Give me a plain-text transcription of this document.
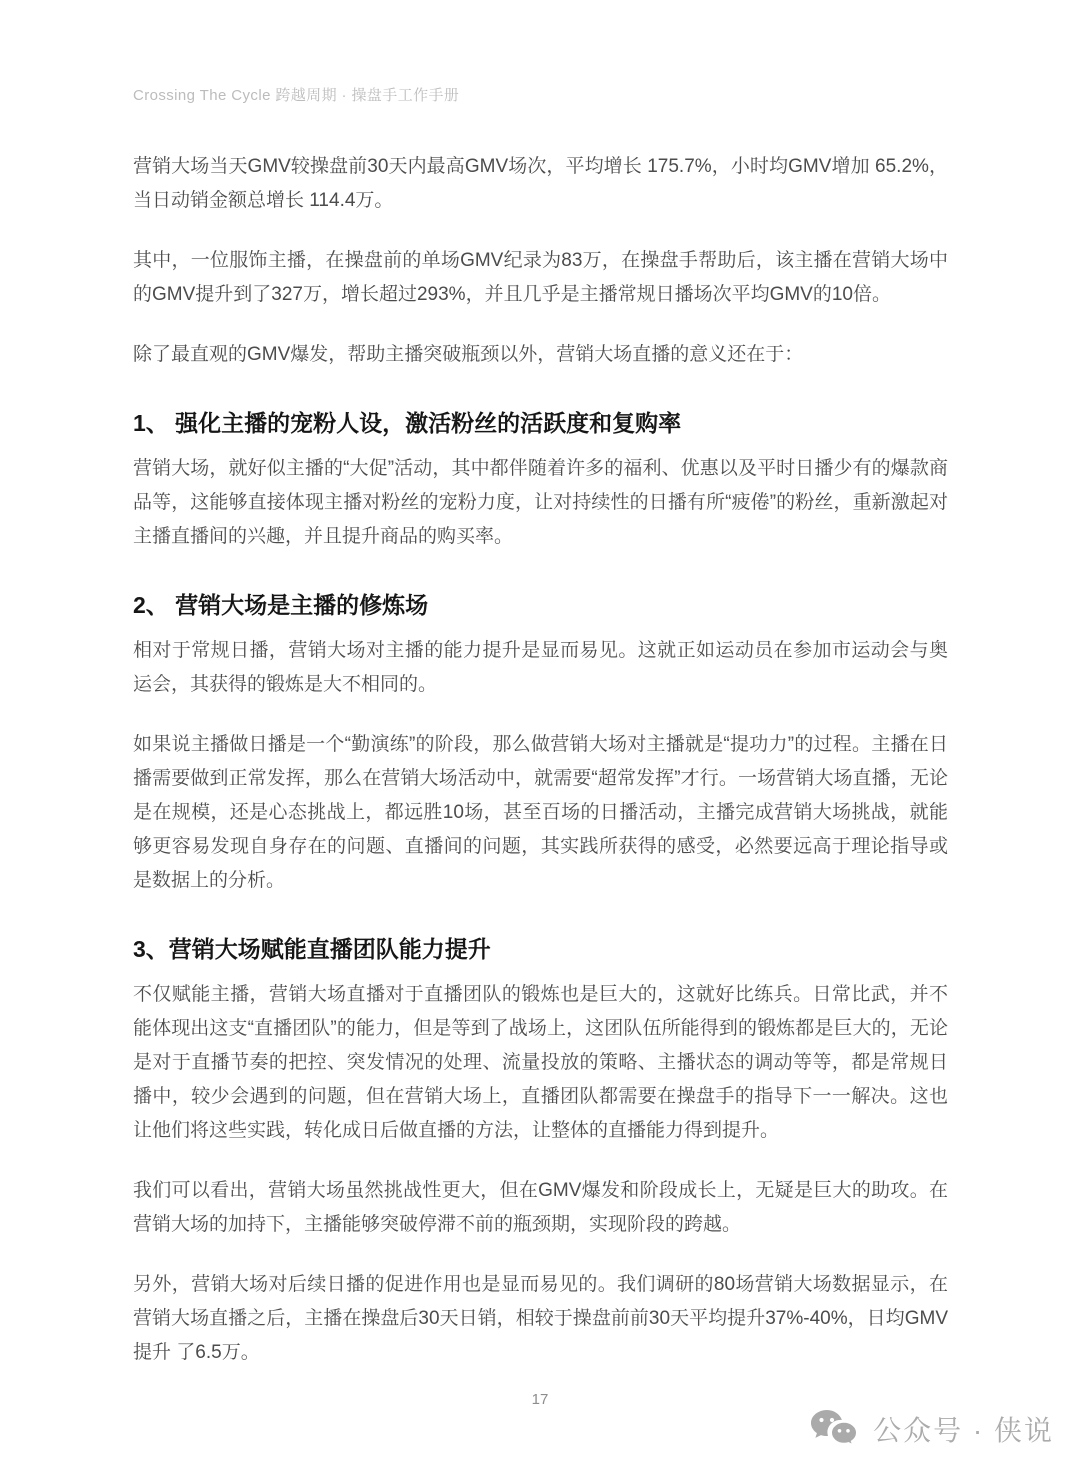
Crossing The Cycle 跨越周期 · 操盘手工作手册

营销大场当天GMV较操盘前30天内最高GMV场次，平均增长 175.7%，小时均GMV增加 65.2%，当日动销金额总增长 114.4万。

其中，一位服饰主播，在操盘前的单场GMV纪录为83万，在操盘手帮助后，该主播在营销大场中的GMV提升到了327万，增长超过293%，并且几乎是主播常规日播场次平均GMV的10倍。

除了最直观的GMV爆发，帮助主播突破瓶颈以外，营销大场直播的意义还在于：

1、 强化主播的宠粉人设，激活粉丝的活跃度和复购率

营销大场，就好似主播的“大促”活动，其中都伴随着许多的福利、优惠以及平时日播少有的爆款商品等，这能够直接体现主播对粉丝的宠粉力度，让对持续性的日播有所“疲倦”的粉丝，重新激起对主播直播间的兴趣，并且提升商品的购买率。

2、 营销大场是主播的修炼场

相对于常规日播，营销大场对主播的能力提升是显而易见。这就正如运动员在参加市运动会与奥运会，其获得的锻炼是大不相同的。

如果说主播做日播是一个“勤演练”的阶段，那么做营销大场对主播就是“提功力”的过程。主播在日播需要做到正常发挥，那么在营销大场活动中，就需要“超常发挥”才行。一场营销大场直播，无论是在规模，还是心态挑战上，都远胜10场，甚至百场的日播活动，主播完成营销大场挑战，就能够更容易发现自身存在的问题、直播间的问题，其实践所获得的感受，必然要远高于理论指导或是数据上的分析。

3、营销大场赋能直播团队能力提升

不仅赋能主播，营销大场直播对于直播团队的锻炼也是巨大的，这就好比练兵。日常比武，并不能体现出这支“直播团队”的能力，但是等到了战场上，这团队伍所能得到的锻炼都是巨大的，无论是对于直播节奏的把控、突发情况的处理、流量投放的策略、主播状态的调动等等，都是常规日播中，较少会遇到的问题，但在营销大场上，直播团队都需要在操盘手的指导下一一解决。这也让他们将这些实践，转化成日后做直播的方法，让整体的直播能力得到提升。

我们可以看出，营销大场虽然挑战性更大，但在GMV爆发和阶段成长上，无疑是巨大的助攻。在营销大场的加持下，主播能够突破停滞不前的瓶颈期，实现阶段的跨越。

另外，营销大场对后续日播的促进作用也是显而易见的。我们调研的80场营销大场数据显示，在营销大场直播之后，主播在操盘后30天日销，相较于操盘前前30天平均提升37%-40%，日均GMV提升 了6.5万。

17
公众号 · 侠说
